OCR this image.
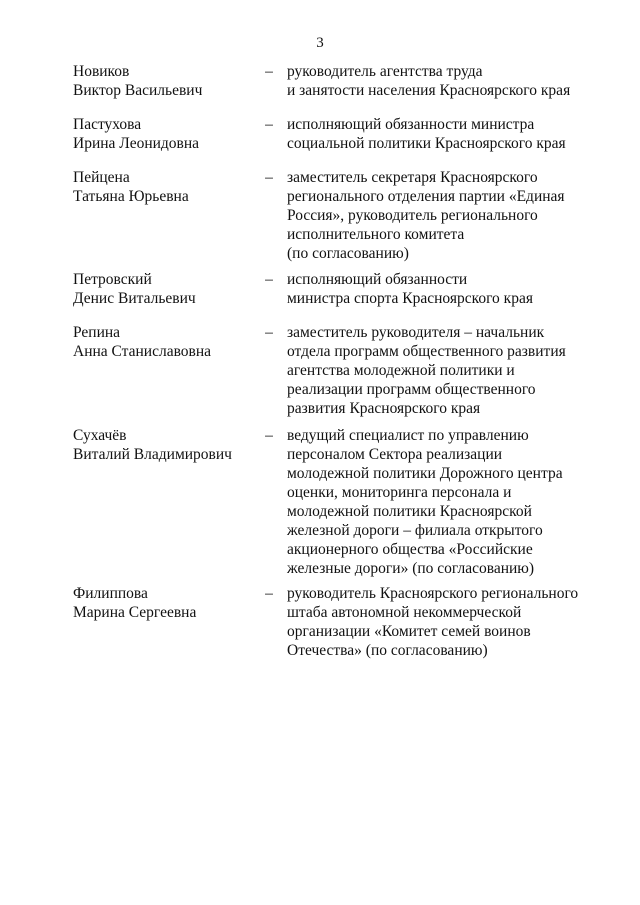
3
Новиков
Виктор Васильевич
– руководитель агентства труда
и занятости населения Красноярского края
Пастухова
Ирина Леонидовна
– исполняющий обязанности министра
социальной политики Красноярского края
Пейцена
Татьяна Юрьевна
– заместитель секретаря Красноярского
регионального отделения партии «Единая
Россия», руководитель регионального
исполнительного комитета
(по согласованию)
Петровский
Денис Витальевич
– исполняющий обязанности
министра спорта Красноярского края
Репина
Анна Станиславовна
– заместитель руководителя – начальник
отдела программ общественного развития
агентства молодежной политики и
реализации программ общественного
развития Красноярского края
Сухачёв
Виталий Владимирович
– ведущий специалист по управлению
персоналом Сектора реализации
молодежной политики Дорожного центра
оценки, мониторинга персонала и
молодежной политики Красноярской
железной дороги – филиала открытого
акционерного общества «Российские
железные дороги» (по согласованию)
Филиппова
Марина Сергеевна
– руководитель Красноярского регионального
штаба автономной некоммерческой
организации «Комитет семей воинов
Отечества» (по согласованию)
